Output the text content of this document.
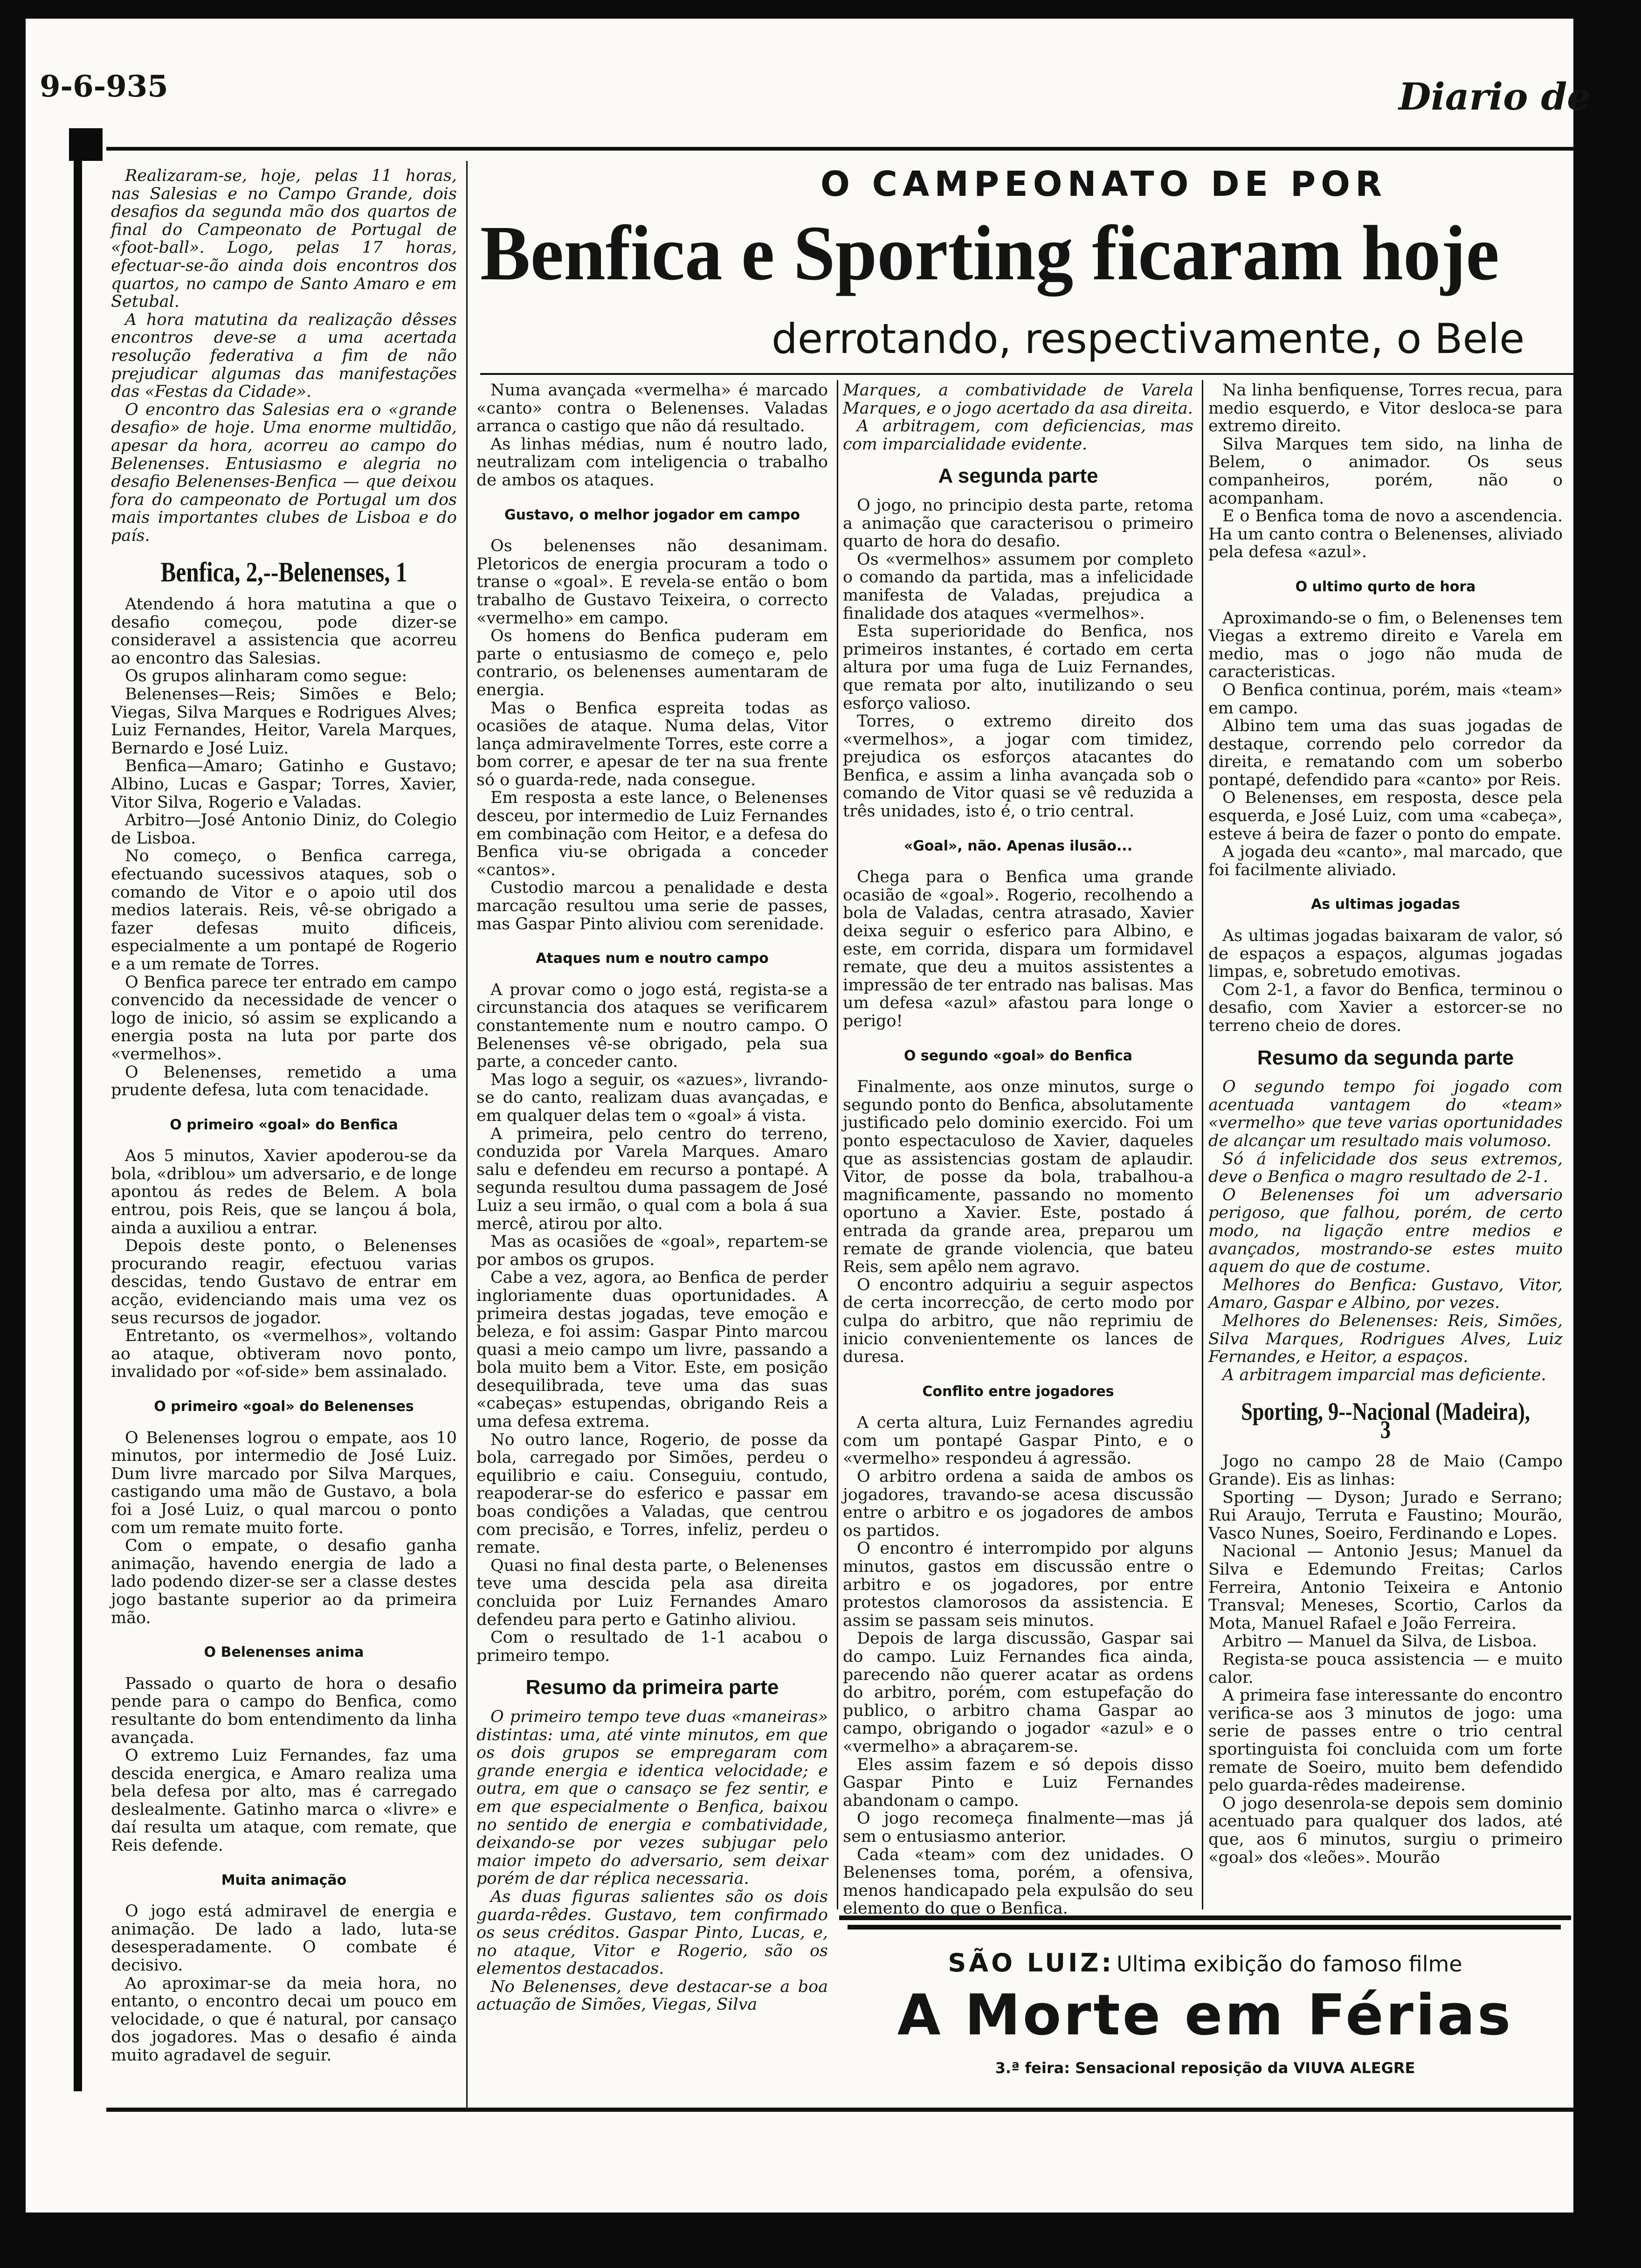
9-6-935	Diario de
O CAMPEONATO DE POR
Benfica e Sporting ficaram hoje
derrotando, respectivamente, o Bele

Realizaram-se, hoje, pelas 11 horas, nas Salesias e no Campo Grande, dois desafios da segunda mão dos quartos de final do Campeonato de Portugal de «foot-ball». Logo, pelas 17 horas, efectuar-se-ão ainda dois encontros dos quartos, no campo de Santo Amaro e em Setubal.

A hora matutina da realização dêsses encontros deve-se a uma acertada resolução federativa a fim de não prejudicar algumas das manifestações das «Festas da Cidade».

O encontro das Salesias era o «grande desafio» de hoje. Uma enorme multidão, apesar da hora, acorreu ao campo do Belenenses. Entusiasmo e alegria no desafio Belenenses-Benfica — que deixou fora do campeonato de Portugal um dos mais importantes clubes de Lisboa e do país.

Benfica, 2,--Belenenses, 1

Atendendo á hora matutina a que o desafio começou, pode dizer-se consideravel a assistencia que acorreu ao encontro das Salesias.

Os grupos alinharam como segue:

Belenenses—Reis; Simões e Belo; Viegas, Silva Marques e Rodrigues Alves; Luiz Fernandes, Heitor, Varela Marques, Bernardo e José Luiz.

Benfica—Amaro; Gatinho e Gustavo; Albino, Lucas e Gaspar; Torres, Xavier, Vitor Silva, Rogerio e Valadas.

Arbitro—José Antonio Diniz, do Colegio de Lisboa.

No começo, o Benfica carrega, efectuando sucessivos ataques, sob o comando de Vitor e o apoio util dos medios laterais. Reis, vê-se obrigado a fazer defesas muito dificeis, especialmente a um pontapé de Rogerio e a um remate de Torres.

O Benfica parece ter entrado em campo convencido da necessidade de vencer o logo de inicio, só assim se explicando a energia posta na luta por parte dos «vermelhos».

O Belenenses, remetido a uma prudente defesa, luta com tenacidade.

O primeiro «goal» do Benfica

Aos 5 minutos, Xavier apoderou-se da bola, «driblou» um adversario, e de longe apontou ás redes de Belem. A bola entrou, pois Reis, que se lançou á bola, ainda a auxiliou a entrar.

Depois deste ponto, o Belenenses procurando reagir, efectuou varias descidas, tendo Gustavo de entrar em acção, evidenciando mais uma vez os seus recursos de jogador.

Entretanto, os «vermelhos», voltando ao ataque, obtiveram novo ponto, invalidado por «of-side» bem assinalado.

O primeiro «goal» do Belenenses

O Belenenses logrou o empate, aos 10 minutos, por intermedio de José Luiz. Dum livre marcado por Silva Marques, castigando uma mão de Gustavo, a bola foi a José Luiz, o qual marcou o ponto com um remate muito forte.

Com o empate, o desafio ganha animação, havendo energia de lado a lado podendo dizer-se ser a classe destes jogo bastante superior ao da primeira mão.

O Belenenses anima

Passado o quarto de hora o desafio pende para o campo do Benfica, como resultante do bom entendimento da linha avançada.

O extremo Luiz Fernandes, faz uma descida energica, e Amaro realiza uma bela defesa por alto, mas é carregado deslealmente. Gatinho marca o «livre» e daí resulta um ataque, com remate, que Reis defende.

Muita animação

O jogo está admiravel de energia e animação. De lado a lado, luta-se desesperadamente. O combate é decisivo.

Ao aproximar-se da meia hora, no entanto, o encontro decai um pouco em velocidade, o que é natural, por cansaço dos jogadores. Mas o desafio é ainda muito agradavel de seguir.

Numa avançada «vermelha» é marcado «canto» contra o Belenenses. Valadas arranca o castigo que não dá resultado.

As linhas médias, num é noutro lado, neutralizam com inteligencia o trabalho de ambos os ataques.

Gustavo, o melhor jogador em campo

Os belenenses não desanimam. Pletoricos de energia procuram a todo o transe o «goal». E revela-se então o bom trabalho de Gustavo Teixeira, o correcto «vermelho» em campo.

Os homens do Benfica puderam em parte o entusiasmo de começo e, pelo contrario, os belenenses aumentaram de energia.

Mas o Benfica espreita todas as ocasiões de ataque. Numa delas, Vitor lança admiravelmente Torres, este corre a bom correr, e apesar de ter na sua frente só o guarda-rede, nada consegue.

Em resposta a este lance, o Belenenses desceu, por intermedio de Luiz Fernandes em combinação com Heitor, e a defesa do Benfica viu-se obrigada a conceder «cantos».

Custodio marcou a penalidade e desta marcação resultou uma serie de passes, mas Gaspar Pinto aliviou com serenidade.

Ataques num e noutro campo

A provar como o jogo está, regista-se a circunstancia dos ataques se verificarem constantemente num e noutro campo. O Belenenses vê-se obrigado, pela sua parte, a conceder canto.

Mas logo a seguir, os «azues», livrando-se do canto, realizam duas avançadas, e em qualquer delas tem o «goal» á vista.

A primeira, pelo centro do terreno, conduzida por Varela Marques. Amaro salu e defendeu em recurso a pontapé. A segunda resultou duma passagem de José Luiz a seu irmão, o qual com a bola á sua mercê, atirou por alto.

Mas as ocasiões de «goal», repartem-se por ambos os grupos.

Cabe a vez, agora, ao Benfica de perder ingloriamente duas oportunidades. A primeira destas jogadas, teve emoção e beleza, e foi assim: Gaspar Pinto marcou quasi a meio campo um livre, passando a bola muito bem a Vitor. Este, em posição desequilibrada, teve uma das suas «cabeças» estupendas, obrigando Reis a uma defesa extrema.

No outro lance, Rogerio, de posse da bola, carregado por Simões, perdeu o equilibrio e caiu. Conseguiu, contudo, reapoderar-se do esferico e passar em boas condições a Valadas, que centrou com precisão, e Torres, infeliz, perdeu o remate.

Quasi no final desta parte, o Belenenses teve uma descida pela asa direita concluida por Luiz Fernandes Amaro defendeu para perto e Gatinho aliviou.

Com o resultado de 1-1 acabou o primeiro tempo.

Resumo da primeira parte

O primeiro tempo teve duas «maneiras» distintas: uma, até vinte minutos, em que os dois grupos se empregaram com grande energia e identica velocidade; e outra, em que o cansaço se fez sentir, e em que especialmente o Benfica, baixou no sentido de energia e combatividade, deixando-se por vezes subjugar pelo maior impeto do adversario, sem deixar porém de dar réplica necessaria.

As duas figuras salientes são os dois guarda-rêdes. Gustavo, tem confirmado os seus créditos. Gaspar Pinto, Lucas, e, no ataque, Vitor e Rogerio, são os elementos destacados.

No Belenenses, deve destacar-se a boa actuação de Simões, Viegas, Silva

Marques, a combatividade de Varela Marques, e o jogo acertado da asa direita.

A arbitragem, com deficiencias, mas com imparcialidade evidente.

A segunda parte

O jogo, no principio desta parte, retoma a animação que caracterisou o primeiro quarto de hora do desafio.

Os «vermelhos» assumem por completo o comando da partida, mas a infelicidade manifesta de Valadas, prejudica a finalidade dos ataques «vermelhos».

Esta superioridade do Benfica, nos primeiros instantes, é cortado em certa altura por uma fuga de Luiz Fernandes, que remata por alto, inutilizando o seu esforço valioso.

Torres, o extremo direito dos «vermelhos», a jogar com timidez, prejudica os esforços atacantes do Benfica, e assim a linha avançada sob o comando de Vitor quasi se vê reduzida a três unidades, isto é, o trio central.

«Goal», não. Apenas ilusão...

Chega para o Benfica uma grande ocasião de «goal». Rogerio, recolhendo a bola de Valadas, centra atrasado, Xavier deixa seguir o esferico para Albino, e este, em corrida, dispara um formidavel remate, que deu a muitos assistentes a impressão de ter entrado nas balisas. Mas um defesa «azul» afastou para longe o perigo!

O segundo «goal» do Benfica

Finalmente, aos onze minutos, surge o segundo ponto do Benfica, absolutamente justificado pelo dominio exercido. Foi um ponto espectaculoso de Xavier, daqueles que as assistencias gostam de aplaudir. Vitor, de posse da bola, trabalhou-a magnificamente, passando no momento oportuno a Xavier. Este, postado á entrada da grande area, preparou um remate de grande violencia, que bateu Reis, sem apêlo nem agravo.

O encontro adquiriu a seguir aspectos de certa incorrecção, de certo modo por culpa do arbitro, que não reprimiu de inicio convenientemente os lances de duresa.

Conflito entre jogadores

A certa altura, Luiz Fernandes agrediu com um pontapé Gaspar Pinto, e o «vermelho» respondeu á agressão.

O arbitro ordena a saida de ambos os jogadores, travando-se acesa discussão entre o arbitro e os jogadores de ambos os partidos.

O encontro é interrompido por alguns minutos, gastos em discussão entre o arbitro e os jogadores, por entre protestos clamorosos da assistencia. E assim se passam seis minutos.

Depois de larga discussão, Gaspar sai do campo. Luiz Fernandes fica ainda, parecendo não querer acatar as ordens do arbitro, porém, com estupefação do publico, o arbitro chama Gaspar ao campo, obrigando o jogador «azul» e o «vermelho» a abraçarem-se.

Eles assim fazem e só depois disso Gaspar Pinto e Luiz Fernandes abandonam o campo.

O jogo recomeça finalmente—mas já sem o entusiasmo anterior.

Cada «team» com dez unidades. O Belenenses toma, porém, a ofensiva, menos handicapado pela expulsão do seu elemento do que o Benfica.

Na linha benfiquense, Torres recua, para medio esquerdo, e Vitor desloca-se para extremo direito.

Silva Marques tem sido, na linha de Belem, o animador. Os seus companheiros, porém, não o acompanham.

E o Benfica toma de novo a ascendencia. Ha um canto contra o Belenenses, aliviado pela defesa «azul».

O ultimo qurto de hora

Aproximando-se o fim, o Belenenses tem Viegas a extremo direito e Varela em medio, mas o jogo não muda de caracteristicas.

O Benfica continua, porém, mais «team» em campo.

Albino tem uma das suas jogadas de destaque, correndo pelo corredor da direita, e rematando com um soberbo pontapé, defendido para «canto» por Reis.

O Belenenses, em resposta, desce pela esquerda, e José Luiz, com uma «cabeça», esteve á beira de fazer o ponto do empate.

A jogada deu «canto», mal marcado, que foi facilmente aliviado.

As ultimas jogadas

As ultimas jogadas baixaram de valor, só de espaços a espaços, algumas jogadas limpas, e, sobretudo emotivas.

Com 2-1, a favor do Benfica, terminou o desafio, com Xavier a estorcer-se no terreno cheio de dores.

Resumo da segunda parte

O segundo tempo foi jogado com acentuada vantagem do «team» «vermelho» que teve varias oportunidades de alcançar um resultado mais volumoso.

Só á infelicidade dos seus extremos, deve o Benfica o magro resultado de 2-1.

O Belenenses foi um adversario perigoso, que falhou, porém, de certo modo, na ligação entre medios e avançados, mostrando-se estes muito aquem do que de costume.

Melhores do Benfica: Gustavo, Vitor, Amaro, Gaspar e Albino, por vezes.

Melhores do Belenenses: Reis, Simões, Silva Marques, Rodrigues Alves, Luiz Fernandes, e Heitor, a espaços.

A arbitragem imparcial mas deficiente.

Sporting, 9--Nacional (Madeira), 3

Jogo no campo 28 de Maio (Campo Grande). Eis as linhas:

Sporting — Dyson; Jurado e Serrano; Rui Araujo, Terruta e Faustino; Mourão, Vasco Nunes, Soeiro, Ferdinando e Lopes.

Nacional — Antonio Jesus; Manuel da Silva e Edemundo Freitas; Carlos Ferreira, Antonio Teixeira e Antonio Transval; Meneses, Scortio, Carlos da Mota, Manuel Rafael e João Ferreira.

Arbitro — Manuel da Silva, de Lisboa.

Regista-se pouca assistencia — e muito calor.

A primeira fase interessante do encontro verifica-se aos 3 minutos de jogo: uma serie de passes entre o trio central sportinguista foi concluida com um forte remate de Soeiro, muito bem defendido pelo guarda-rêdes madeirense.

O jogo desenrola-se depois sem dominio acentuado para qualquer dos lados, até que, aos 6 minutos, surgiu o primeiro «goal» dos «leões». Mourão

SÃO LUIZ: Ultima exibição do famoso filme
A Morte em Férias
3.ª feira: Sensacional reposição da VIUVA ALEGRE
